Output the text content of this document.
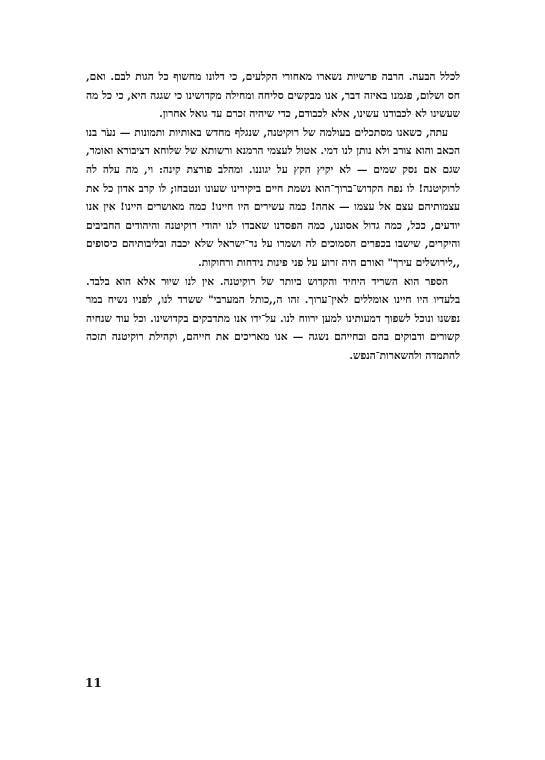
לכלל הבעה. הרבה פרשיות נשארו מאחורי הקלעים, כי דלונו מחשוף כל הגות לבם. ואם, חס ושלום, פגמנו באיזה דבר, אנו מבקשים סליחה ומחילה מקדושינו כי שגגה היא, כי כל מה שעשינו לא לכבודנו עשינו, אלא לכבודם, כדי שיהיה זכרם עד גואל אחרון.

עתה, כשאנו מסתכלים בעולמה של רוקיטנה, שנגלף מחדש באותיות ותמונות — נעֹר בנו הכאב והוא צורב ולא נותן לנו דמי. אטול לעצמי הרמנא ורשותא של שלוחא דציבורא ואומר, שגם אם נסק שמים — לא יקיץ הקץ על יגוננו. ומהלב פורצת קינה: וי, מה עלה לה לרוקיטנה! לו נפח הקדוש־ברוך־הוא נשמת חיים ביקירינו שעונו ונטבחו; לו קרב אדון כל את עצמותיהם עצם אל עצמו — אהה! כמה עשירים היו חיינו! כמה מאושרים היינו! אין אנו יודעים, ככל, כמה גדול אסוננו, כמה הפסדנו שאבדו לנו יהודי רוקיטנה והיהודים החביבים והיקרים, שישבו בכפרים הסמוכים לה ושמרו על נר־ישראל שלא יכבה ובליבותיהם כיסופים ,,לירושלים עירך" ואורם היה זרוע על פני פינות נידחות ורחוקות.

הספר הוא השריד היחיד והקדוש ביותר של רוקיטנה. אין לנו שיוּר אלא הוא בלבד. בלעדיו היו חיינו אומללים לאין־ערוך. זהו ה,,כותל המערבי" ששרד לנו, לפניו נשיח במר נפשנו ונוכל לשפוך דמעותינו למען ירווח לנו. על־ידו אנו מתדבקים בקדושינו. וכל עוד שנחיה קשורים ודבוקים בהם ובחייהם נשגה — אנו מאריכים את חייהם, וקהילת רוקיטנה תזכה להתמדה ולהשארות־הנפש.

11
